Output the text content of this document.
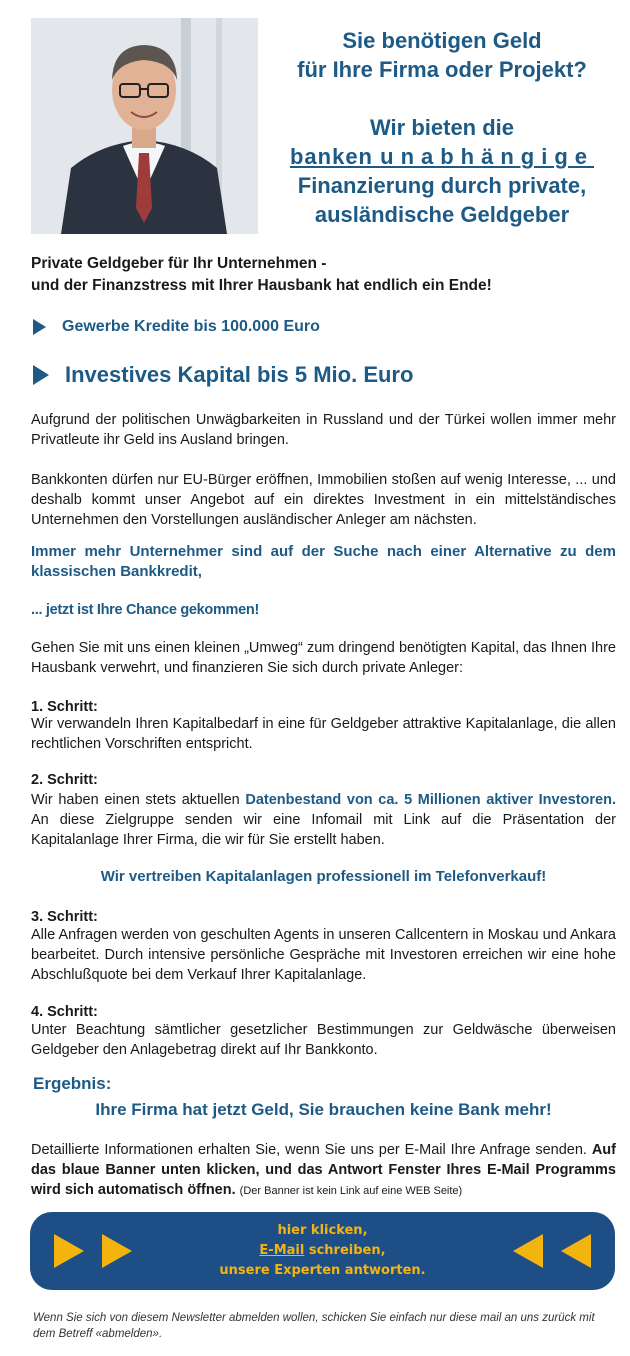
Sie benötigen Geld
für Ihre Firma oder Projekt?
Wir bieten die
banken unabhängige
Finanzierung durch private,
ausländische Geldgeber
Private Geldgeber für Ihr Unternehmen -
und der Finanzstress mit Ihrer Hausbank hat endlich ein Ende!
Gewerbe Kredite bis 100.000 Euro
Investives Kapital bis 5 Mio. Euro
Aufgrund der politischen Unwägbarkeiten in Russland und der Türkei wollen immer mehr Privatleute ihr Geld ins Ausland bringen.
Bankkonten dürfen nur EU-Bürger eröffnen, Immobilien stoßen auf wenig Interesse, ... und deshalb kommt unser Angebot auf ein direktes Investment in ein mittelständisches Unternehmen den Vorstellungen ausländischer Anleger am nächsten.
Immer mehr Unternehmer sind auf der Suche nach einer Alternative zu dem klassischen Bankkredit,
... jetzt ist Ihre Chance gekommen!
Gehen Sie mit uns einen kleinen „Umweg“ zum dringend benötigten Kapital, das Ihnen Ihre Hausbank verwehrt, und finanzieren Sie sich durch private Anleger:
1. Schritt:
Wir verwandeln Ihren Kapitalbedarf in eine für Geldgeber attraktive Kapitalanlage, die allen rechtlichen Vorschriften entspricht.
2. Schritt:
Wir haben einen stets aktuellen Datenbestand von ca. 5 Millionen aktiver Investoren. An diese Zielgruppe senden wir eine Infomail mit Link auf die Präsentation der Kapitalanlage Ihrer Firma, die wir für Sie erstellt haben.
Wir vertreiben Kapitalanlagen professionell im Telefonverkauf!
3. Schritt:
Alle Anfragen werden von geschulten Agents in unseren Callcentern in Moskau und Ankara bearbeitet. Durch intensive persönliche Gespräche mit Investoren erreichen wir eine hohe Abschlußquote bei dem Verkauf Ihrer Kapitalanlage.
4. Schritt:
Unter Beachtung sämtlicher gesetzlicher Bestimmungen zur Geldwäsche überweisen Geldgeber den Anlagebetrag direkt auf Ihr Bankkonto.
Ergebnis:
Ihre Firma hat jetzt Geld, Sie brauchen keine Bank mehr!
Detaillierte Informationen erhalten Sie, wenn Sie uns per E-Mail Ihre Anfrage senden. Auf das blaue Banner unten klicken, und das Antwort Fenster Ihres E-Mail Programms wird sich automatisch öffnen. (Der Banner ist kein Link auf eine WEB Seite)
hier klicken,
E-Mail schreiben,
unsere Experten antworten.
Wenn Sie sich von diesem Newsletter abmelden wollen, schicken Sie einfach nur diese mail an uns zurück mit dem Betreff «abmelden».
